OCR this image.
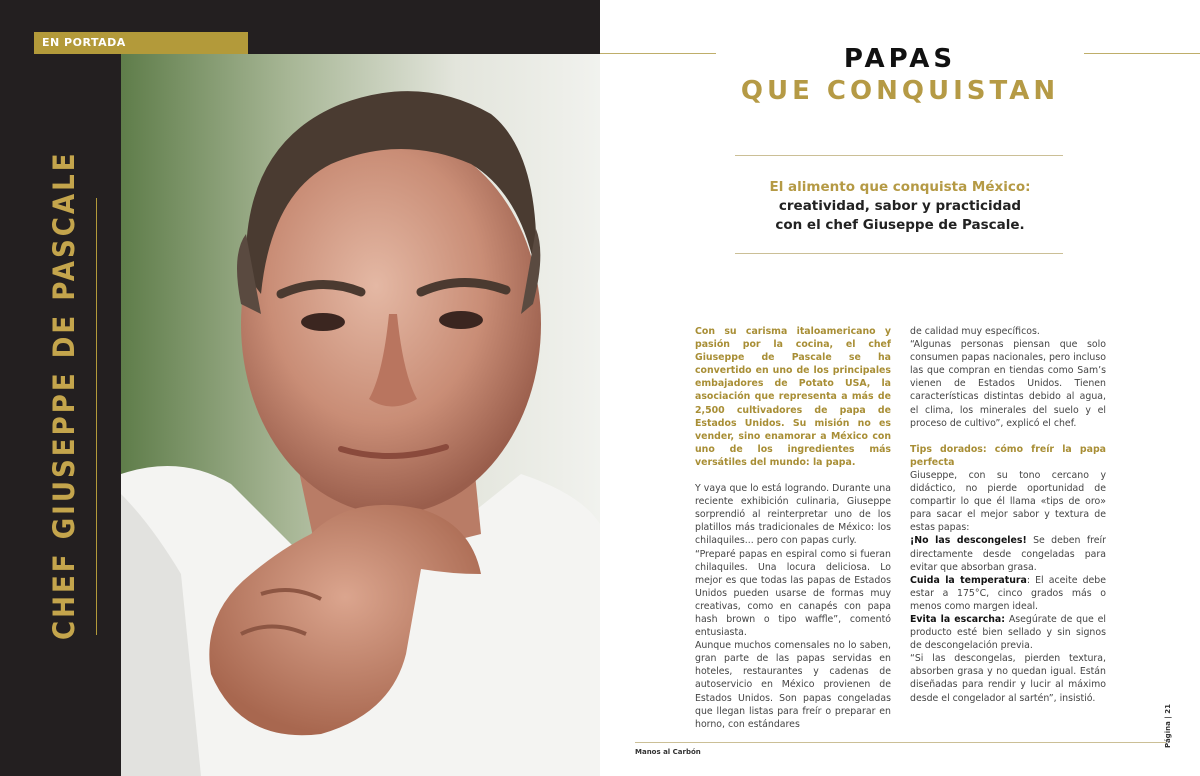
EN PORTADA
CHEF GIUSEPPE DE PASCALE
PAPAS
QUE CONQUISTAN
El alimento que conquista México:
creatividad, sabor y practicidad
con el chef Giuseppe de Pascale.

Con su carisma italoamericano y pasión por la cocina, el chef Giuseppe de Pascale se ha convertido en uno de los principales embajadores de Potato USA, la asociación que representa a más de 2,500 cultivadores de papa de Estados Unidos. Su misión no es vender, sino enamorar a México con uno de los ingredientes más versátiles del mundo: la papa.

Y vaya que lo está logrando. Durante una reciente exhibición culinaria, Giuseppe sorprendió al reinterpretar uno de los platillos más tradicionales de México: los chilaquiles... pero con papas curly.

“Preparé papas en espiral como si fueran chilaquiles. Una locura deliciosa. Lo mejor es que todas las papas de Estados Unidos pueden usarse de formas muy creativas, como en canapés con papa hash brown o tipo waffle”, comentó entusiasta.

Aunque muchos comensales no lo saben, gran parte de las papas servidas en hoteles, restaurantes y cadenas de autoservicio en México provienen de Estados Unidos. Son papas congeladas que llegan listas para freír o preparar en horno, con estándares

de calidad muy específicos.

“Algunas personas piensan que solo consumen papas nacionales, pero incluso las que compran en tiendas como Sam’s vienen de Estados Unidos. Tienen características distintas debido al agua, el clima, los minerales del suelo y el proceso de cultivo”, explicó el chef.

Tips dorados: cómo freír la papa perfecta

Giuseppe, con su tono cercano y didáctico, no pierde oportunidad de compartir lo que él llama «tips de oro» para sacar el mejor sabor y textura de estas papas:

¡No las descongeles! Se deben freír directamente desde congeladas para evitar que absorban grasa.

Cuida la temperatura: El aceite debe estar a 175°C, cinco grados más o menos como margen ideal.

Evita la escarcha: Asegúrate de que el producto esté bien sellado y sin signos de descongelación previa.

“Si las descongelas, pierden textura, absorben grasa y no quedan igual. Están diseñadas para rendir y lucir al máximo desde el congelador al sartén”, insistió.

Manos al Carbón
Página | 21
